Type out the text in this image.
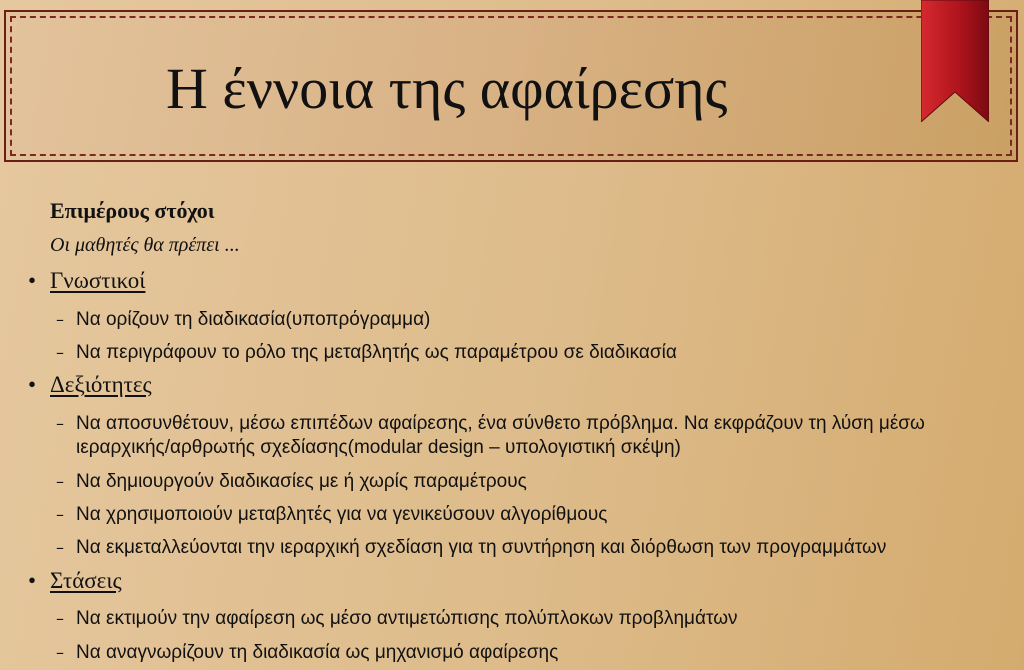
Η έννοια της αφαίρεσης
Επιμέρους στόχοι
Οι μαθητές θα πρέπει ...
• Γνωστικοί
– Να ορίζουν τη διαδικασία(υποπρόγραμμα)
– Να περιγράφουν το ρόλο της μεταβλητής ως παραμέτρου σε διαδικασία
• Δεξιότητες
– Να αποσυνθέτουν, μέσω επιπέδων αφαίρεσης, ένα σύνθετο πρόβλημα. Να εκφράζουν τη λύση μέσω ιεραρχικής/αρθρωτής σχεδίασης(modular design – υπολογιστική σκέψη)
– Να δημιουργούν διαδικασίες με ή χωρίς παραμέτρους
– Να χρησιμοποιούν μεταβλητές για να γενικεύσουν αλγορίθμους
– Να εκμεταλλεύονται την ιεραρχική σχεδίαση για τη συντήρηση και διόρθωση των προγραμμάτων
• Στάσεις
– Να εκτιμούν την αφαίρεση ως μέσο αντιμετώπισης πολύπλοκων προβλημάτων
– Να αναγνωρίζουν τη διαδικασία ως μηχανισμό αφαίρεσης
